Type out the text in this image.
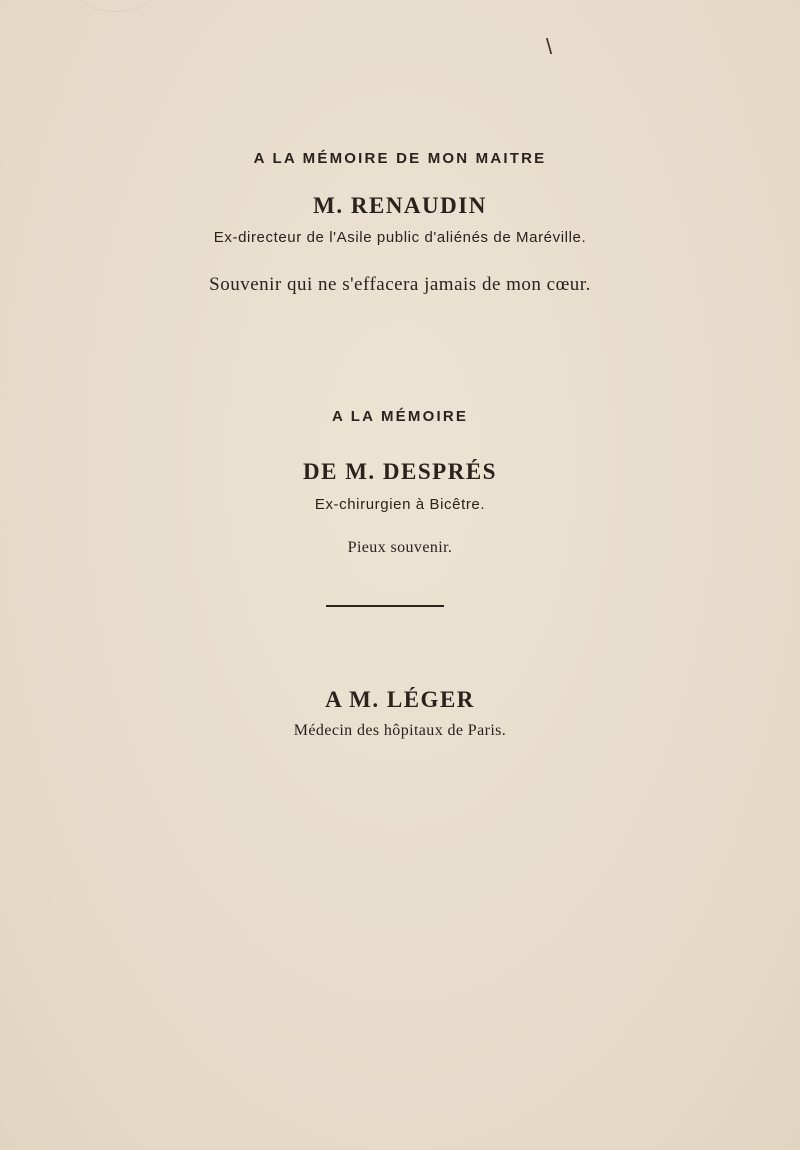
\
A LA MÉMOIRE DE MON MAITRE
M. RENAUDIN
Ex-directeur de l'Asile public d'aliénés de Maréville.
Souvenir qui ne s'effacera jamais de mon cœur.
A LA MÉMOIRE
DE M. DESPRÉS
Ex-chirurgien à Bicêtre.
Pieux souvenir.
A M. LÉGER
Médecin des hôpitaux de Paris.
